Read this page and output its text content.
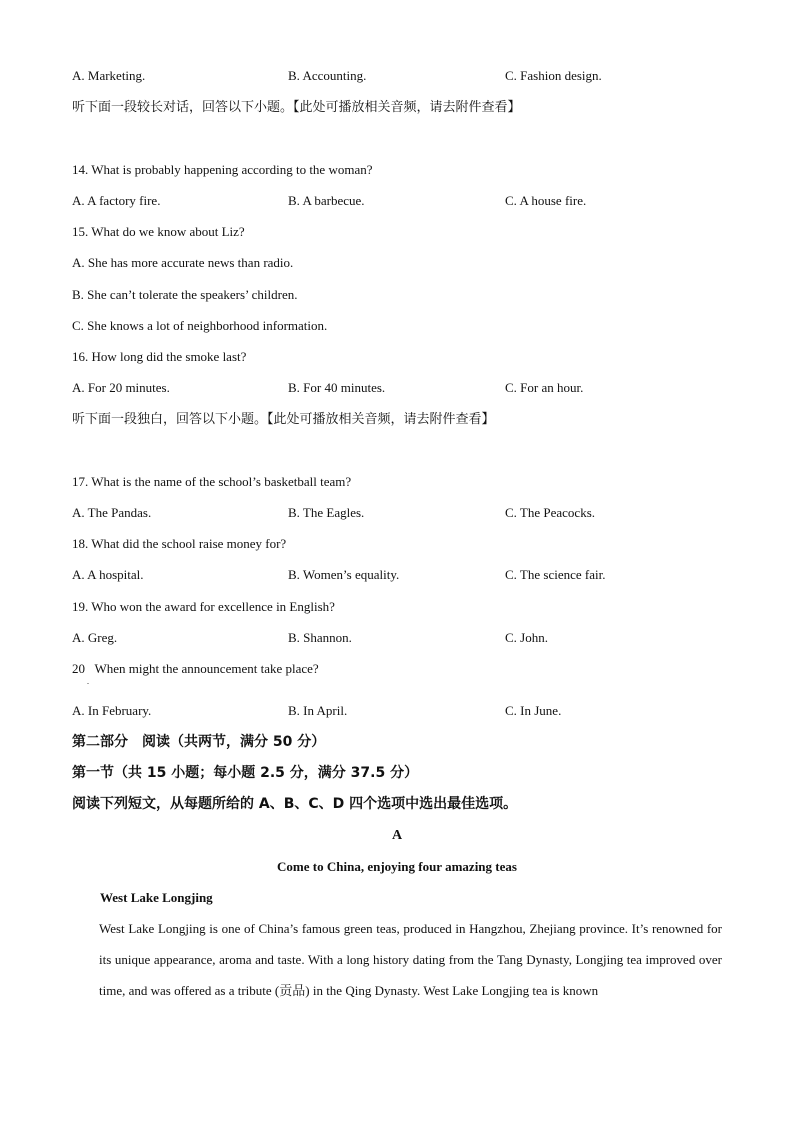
A. Marketing.	B. Accounting.	C. Fashion design.
听下面一段较长对话，回答以下小题。【此处可播放相关音频，请去附件查看】
14. What is probably happening according to the woman?
A. A factory fire.	B. A barbecue.	C. A house fire.
15. What do we know about Liz?
A. She has more accurate news than radio.
B. She can’t tolerate the speakers’ children.
C. She knows a lot of neighborhood information.
16. How long did the smoke last?
A. For 20 minutes.	B. For 40 minutes.	C. For an hour.
听下面一段独白，回答以下小题。【此处可播放相关音频，请去附件查看】
17. What is the name of the school’s basketball team?
A. The Pandas.	B. The Eagles.	C. The Peacocks.
18. What did the school raise money for?
A. A hospital.	B. Women’s equality.	C. The science fair.
19. Who won the award for excellence in English?
A. Greg.	B. Shannon.	C. John.
20   When might the announcement take place?
.
A. In February.	B. In April.	C. In June.
第二部分　阅读（共两节，满分 50 分）
第一节（共 15 小题；每小题 2.5 分，满分 37.5 分）
阅读下列短文，从每题所给的 A、B、C、D 四个选项中选出最佳选项。
A
Come to China, enjoying four amazing teas
West Lake Longjing
West Lake Longjing is one of China’s famous green teas, produced in Hangzhou, Zhejiang province. It’s renowned for its unique appearance, aroma and taste. With a long history dating from the Tang Dynasty, Longjing tea improved over time, and was offered as a tribute (贡品) in the Qing Dynasty. West Lake Longjing tea is known
